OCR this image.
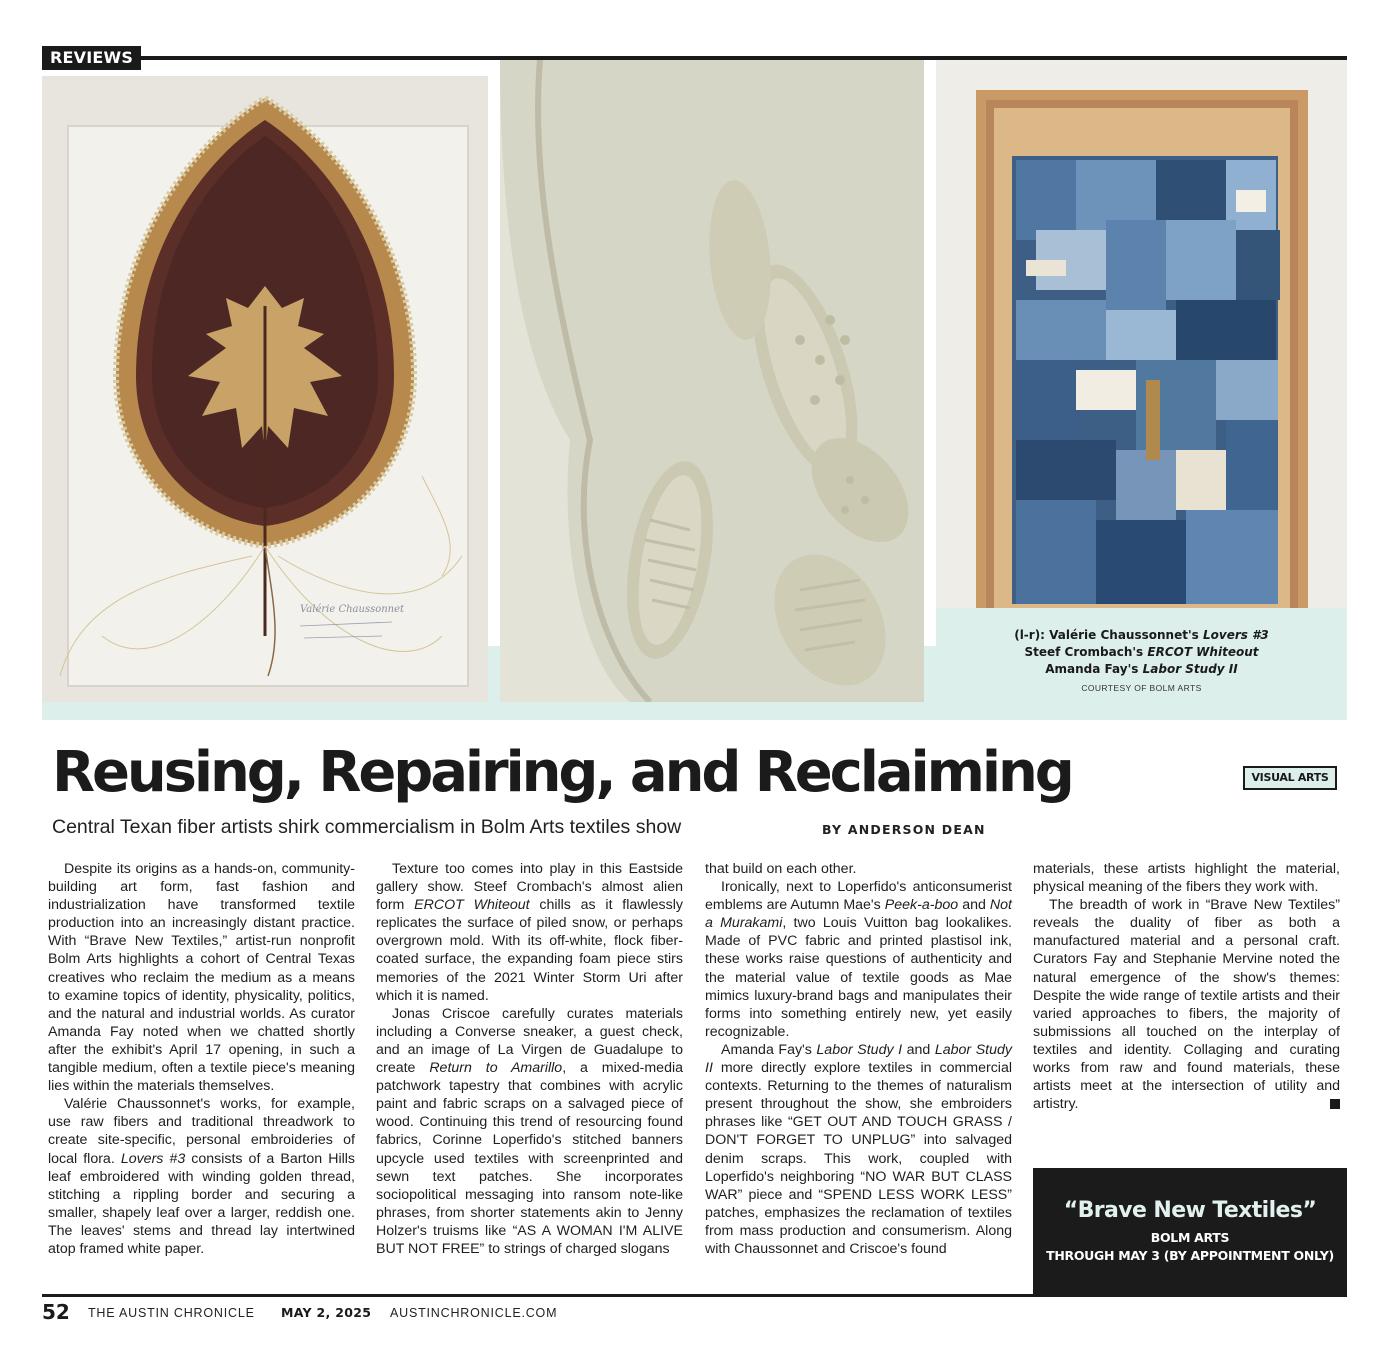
REVIEWS
Valérie Chaussonnet
(l-r): Valérie Chaussonnet's Lovers #3
Steef Crombach's ERCOT Whiteout
Amanda Fay's Labor Study II
COURTESY OF BOLM ARTS
Reusing, Repairing, and Reclaiming	VISUAL ARTS
Central Texan fiber artists shirk commercialism in Bolm Arts textiles show	BY ANDERSON DEAN

Despite its origins as a hands-on, community-building art form, fast fashion and industrialization have transformed textile production into an increasingly distant practice. With “Brave New Textiles,” artist-run nonprofit Bolm Arts highlights a cohort of Central Texas creatives who reclaim the medium as a means to examine topics of identity, physicality, politics, and the natural and industrial worlds. As curator Amanda Fay noted when we chatted shortly after the exhibit's April 17 opening, in such a tangible medium, often a textile piece's meaning lies within the materials themselves.

Valérie Chaussonnet's works, for example, use raw fibers and traditional threadwork to create site-specific, personal embroideries of local flora. Lovers #3 consists of a Barton Hills leaf embroidered with winding golden thread, stitching a rippling border and securing a smaller, shapely leaf over a larger, reddish one. The leaves' stems and thread lay intertwined atop framed white paper.

Texture too comes into play in this Eastside gallery show. Steef Crombach's almost alien form ERCOT Whiteout chills as it flawlessly replicates the surface of piled snow, or perhaps overgrown mold. With its off-white, flock fiber-coated surface, the expanding foam piece stirs memories of the 2021 Winter Storm Uri after which it is named.

Jonas Criscoe carefully curates materials including a Converse sneaker, a guest check, and an image of La Virgen de Guadalupe to create Return to Amarillo, a mixed-media patchwork tapestry that combines with acrylic paint and fabric scraps on a salvaged piece of wood. Continuing this trend of resourcing found fabrics, Corinne Loperfido's stitched banners upcycle used textiles with screenprinted and sewn text patches. She incorporates sociopolitical messaging into ransom note-like phrases, from shorter statements akin to Jenny Holzer's truisms like “AS A WOMAN I'M ALIVE BUT NOT FREE” to strings of charged slogans

that build on each other.

Ironically, next to Loperfido's anticonsumerist emblems are Autumn Mae's Peek-a-boo and Not a Murakami, two Louis Vuitton bag lookalikes. Made of PVC fabric and printed plastisol ink, these works raise questions of authenticity and the material value of textile goods as Mae mimics luxury-brand bags and manipulates their forms into something entirely new, yet easily recognizable.

Amanda Fay's Labor Study I and Labor Study II more directly explore textiles in commercial contexts. Returning to the themes of naturalism present throughout the show, she embroiders phrases like “GET OUT AND TOUCH GRASS / DON'T FORGET TO UNPLUG” into salvaged denim scraps. This work, coupled with Loperfido's neighboring “NO WAR BUT CLASS WAR” piece and “SPEND LESS WORK LESS” patches, emphasizes the reclamation of textiles from mass production and consumerism. Along with Chaussonnet and Criscoe's found

materials, these artists highlight the material, physical meaning of the fibers they work with.

The breadth of work in “Brave New Textiles” reveals the duality of fiber as both a manufactured material and a personal craft. Curators Fay and Stephanie Mervine noted the natural emergence of the show's themes: Despite the wide range of textile artists and their varied approaches to fibers, the majority of submissions all touched on the interplay of textiles and identity. Collaging and curating works from raw and found materials, these artists meet at the intersection of utility and artistry.

“Brave New Textiles”
BOLM ARTS
THROUGH MAY 3 (BY APPOINTMENT ONLY)
52 THE AUSTIN CHRONICLE MAY 2, 2025 AUSTINCHRONICLE.COM
